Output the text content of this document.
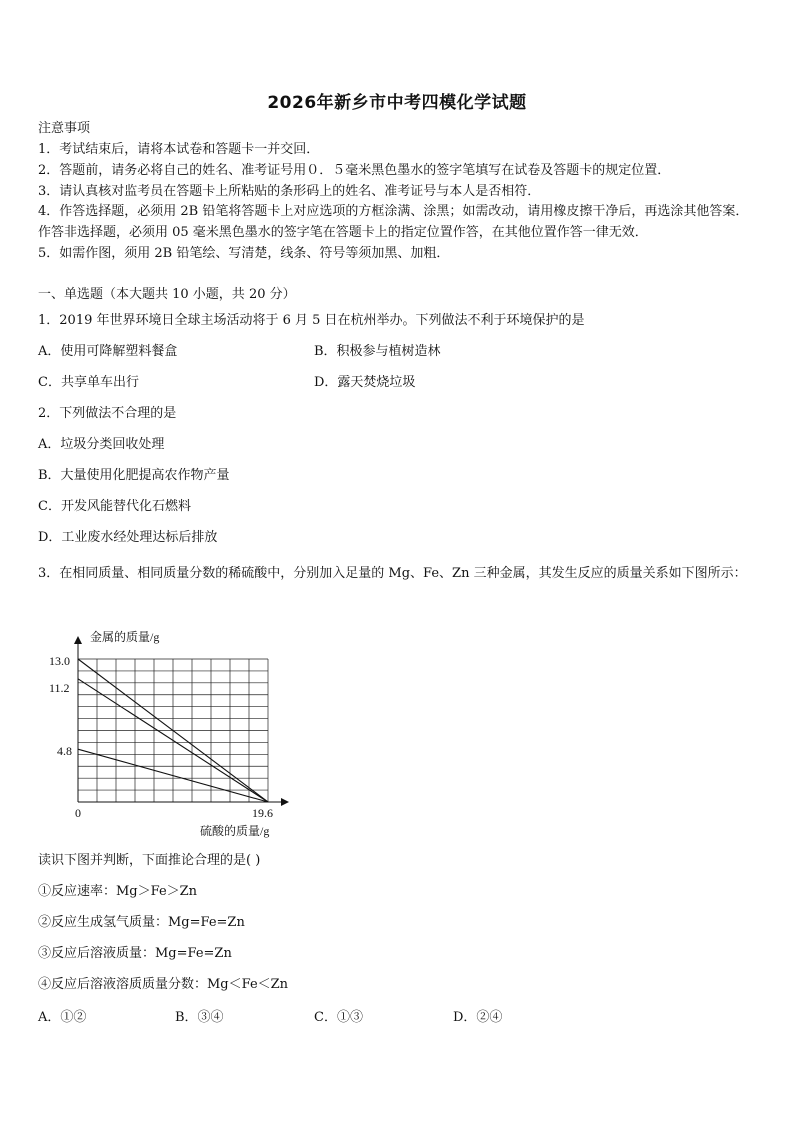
2026年新乡市中考四模化学试题
注意事项
1．考试结束后，请将本试卷和答题卡一并交回．
2．答题前，请务必将自己的姓名、准考证号用０．５毫米黑色墨水的签字笔填写在试卷及答题卡的规定位置．
3．请认真核对监考员在答题卡上所粘贴的条形码上的姓名、准考证号与本人是否相符．
4．作答选择题，必须用 2B 铅笔将答题卡上对应选项的方框涂满、涂黑；如需改动，请用橡皮擦干净后，再选涂其他答案．作答非选择题，必须用 05 毫米黑色墨水的签字笔在答题卡上的指定位置作答，在其他位置作答一律无效．
5．如需作图，须用 2B 铅笔绘、写清楚，线条、符号等须加黑、加粗．
一、单选题（本大题共 10 小题，共 20 分）
1．2019 年世界环境日全球主场活动将于 6 月 5 日在杭州举办。下列做法不利于环境保护的是
A．使用可降解塑料餐盒	B．积极参与植树造林
C．共享单车出行	D．露天焚烧垃圾
2．下列做法不合理的是
A．垃圾分类回收处理
B．大量使用化肥提高农作物产量
C．开发风能替代化石燃料
D．工业废水经处理达标后排放
3．在相同质量、相同质量分数的稀硫酸中，分别加入足量的 Mg、Fe、Zn 三种金属，其发生反应的质量关系如下图所示：
金属的质量/g
硫酸的质量/g
0	19.6
13.0
11.2
4.8
读识下图并判断，下面推论合理的是( )
①反应速率：Mg＞Fe＞Zn
②反应生成氢气质量：Mg=Fe=Zn
③反应后溶液质量：Mg=Fe=Zn
④反应后溶液溶质质量分数：Mg＜Fe＜Zn
A．①②	B．③④	C．①③	D．②④
